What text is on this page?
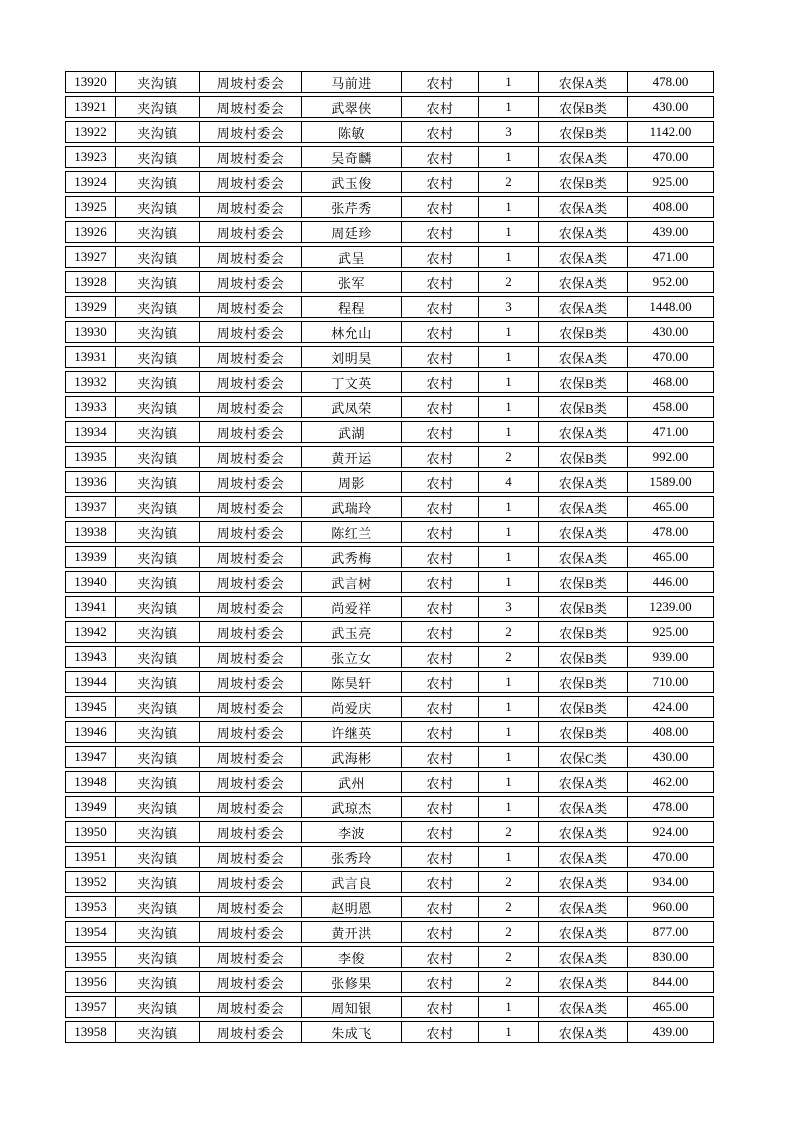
13920	夹沟镇	周坡村委会	马前进	农村	1	农保A类	478.00
13921	夹沟镇	周坡村委会	武翠侠	农村	1	农保B类	430.00
13922	夹沟镇	周坡村委会	陈敏	农村	3	农保B类	1142.00
13923	夹沟镇	周坡村委会	吴奇麟	农村	1	农保A类	470.00
13924	夹沟镇	周坡村委会	武玉俊	农村	2	农保B类	925.00
13925	夹沟镇	周坡村委会	张芹秀	农村	1	农保A类	408.00
13926	夹沟镇	周坡村委会	周廷珍	农村	1	农保A类	439.00
13927	夹沟镇	周坡村委会	武呈	农村	1	农保A类	471.00
13928	夹沟镇	周坡村委会	张军	农村	2	农保A类	952.00
13929	夹沟镇	周坡村委会	程程	农村	3	农保A类	1448.00
13930	夹沟镇	周坡村委会	林允山	农村	1	农保B类	430.00
13931	夹沟镇	周坡村委会	刘明昊	农村	1	农保A类	470.00
13932	夹沟镇	周坡村委会	丁文英	农村	1	农保B类	468.00
13933	夹沟镇	周坡村委会	武凤荣	农村	1	农保B类	458.00
13934	夹沟镇	周坡村委会	武湖	农村	1	农保A类	471.00
13935	夹沟镇	周坡村委会	黄开运	农村	2	农保B类	992.00
13936	夹沟镇	周坡村委会	周影	农村	4	农保A类	1589.00
13937	夹沟镇	周坡村委会	武瑞玲	农村	1	农保A类	465.00
13938	夹沟镇	周坡村委会	陈红兰	农村	1	农保A类	478.00
13939	夹沟镇	周坡村委会	武秀梅	农村	1	农保A类	465.00
13940	夹沟镇	周坡村委会	武言树	农村	1	农保B类	446.00
13941	夹沟镇	周坡村委会	尚爱祥	农村	3	农保B类	1239.00
13942	夹沟镇	周坡村委会	武玉亮	农村	2	农保B类	925.00
13943	夹沟镇	周坡村委会	张立女	农村	2	农保B类	939.00
13944	夹沟镇	周坡村委会	陈昊轩	农村	1	农保B类	710.00
13945	夹沟镇	周坡村委会	尚爱庆	农村	1	农保B类	424.00
13946	夹沟镇	周坡村委会	许继英	农村	1	农保B类	408.00
13947	夹沟镇	周坡村委会	武海彬	农村	1	农保C类	430.00
13948	夹沟镇	周坡村委会	武州	农村	1	农保A类	462.00
13949	夹沟镇	周坡村委会	武琼杰	农村	1	农保A类	478.00
13950	夹沟镇	周坡村委会	李波	农村	2	农保A类	924.00
13951	夹沟镇	周坡村委会	张秀玲	农村	1	农保A类	470.00
13952	夹沟镇	周坡村委会	武言良	农村	2	农保A类	934.00
13953	夹沟镇	周坡村委会	赵明恩	农村	2	农保A类	960.00
13954	夹沟镇	周坡村委会	黄开洪	农村	2	农保A类	877.00
13955	夹沟镇	周坡村委会	李俊	农村	2	农保A类	830.00
13956	夹沟镇	周坡村委会	张修果	农村	2	农保A类	844.00
13957	夹沟镇	周坡村委会	周知银	农村	1	农保A类	465.00
13958	夹沟镇	周坡村委会	朱成飞	农村	1	农保A类	439.00
